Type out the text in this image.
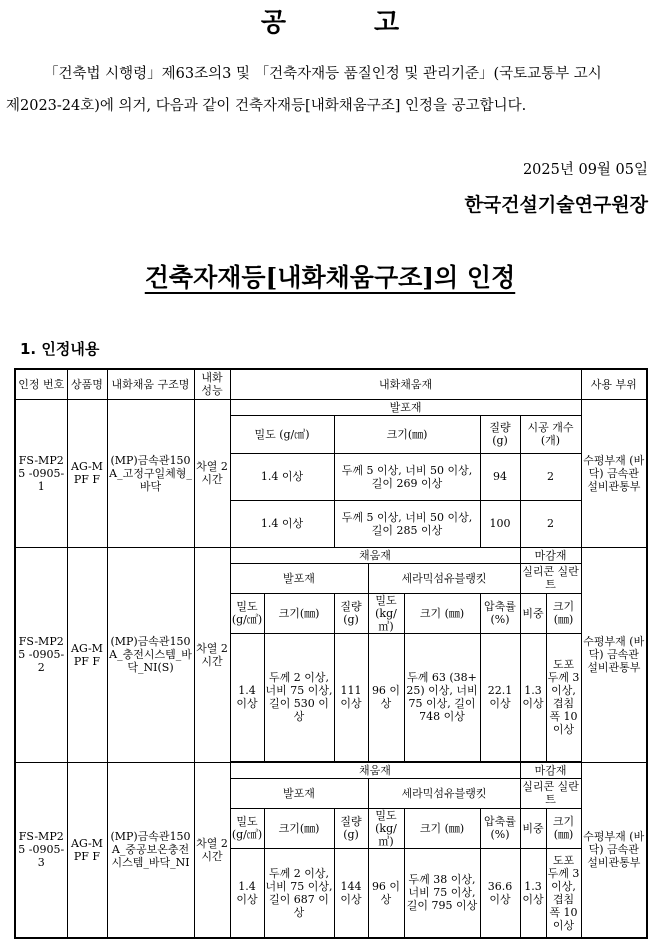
공	고
「건축법 시행령」제63조의3 및 「건축자재등 품질인정 및 관리기준」(국토교통부 고시
제2023-24호)에 의거, 다음과 같이 건축자재등[내화채움구조] 인정을 공고합니다.
2025년 09월 05일
한국건설기술연구원장
건축자재등[내화채움구조]의 인정
1. 인정내용
인정 번호	상품명	내화채움 구조명	내화 성능	내화채움재								사용 부위
FS-MP25 -0905-1	AG-MPF F	(MP)금속관150A_고정구일체형_바닥	차열 2시간	발포재								수평부재 (바닥) 금속관 설비관통부
				밀도 (g/㎤)		크기(㎜)			질량 (g)	시공 개수 (개)		
				1.4 이상		두께 5 이상, 너비 50 이상, 길이 269 이상			94	2		
				1.4 이상		두께 5 이상, 너비 50 이상, 길이 285 이상			100	2		
FS-MP25 -0905-2	AG-MPF F	(MP)금속관150A_충전시스템_바닥_NI(S)	차열 2시간	채움재						마감재		수평부재 (바닥) 금속관 설비관통부
				발포재			세라믹섬유블랭킷			실리콘 실란트		
				밀도 (g/㎤)	크기(㎜)	질량 (g)	밀도 (kg/㎥)	크기 (㎜)	압축률 (%)	비중	크기 (㎜)	
				1.4 이상	두께 2 이상, 너비 75 이상, 길이 530 이상	111 이상	96 이상	두께 63 (38+25) 이상, 너비 75 이상, 길이 748 이상	22.1 이상	1.3 이상	도포 두께 3 이상, 겹침 폭 10 이상	

FS-MP25 -0905-3	AG-MPF F	(MP)금속관150A_중공보온충전시스템_바닥_NI	차열 2시간	채움재						마감재		수평부재 (바닥) 금속관 설비관통부
				발포재			세라믹섬유블랭킷			실리콘 실란트		
				밀도 (g/㎤)	크기(㎜)	질량 (g)	밀도 (kg/㎥)	크기 (㎜)	압축률 (%)	비중	크기 (㎜)	
				1.4 이상	두께 2 이상, 너비 75 이상, 길이 687 이상	144 이상	96 이상	두께 38 이상, 너비 75 이상, 길이 795 이상	36.6 이상	1.3 이상	도포 두께 3 이상, 겹침 폭 10 이상	
